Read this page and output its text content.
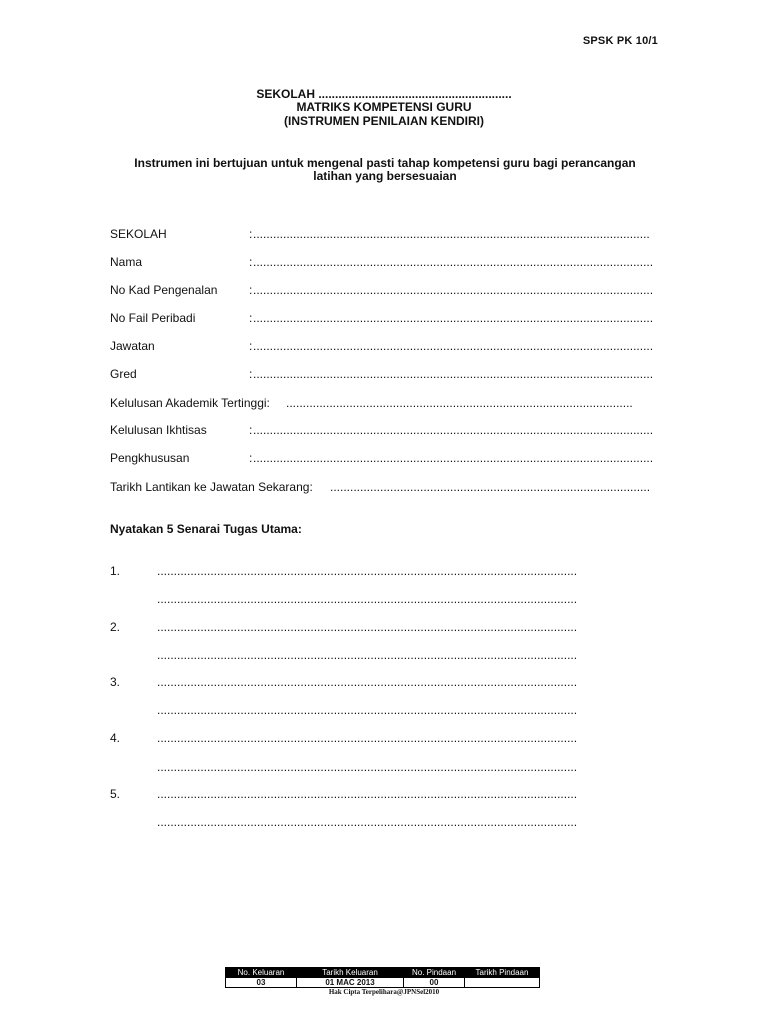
SPSK PK 10/1
SEKOLAH ..........................................................
MATRIKS KOMPETENSI GURU
(INSTRUMEN PENILAIAN KENDIRI)
Instrumen ini bertujuan untuk mengenal pasti tahap kompetensi guru bagi perancangan
latihan yang bersesuaian
SEKOLAH	: .......................................................................................................................
Nama	: ........................................................................................................................
No Kad Pengenalan	: ........................................................................................................................
No Fail Peribadi	: ........................................................................................................................
Jawatan	: ........................................................................................................................
Gred	: ........................................................................................................................
Kelulusan Akademik Tertinggi: ........................................................................................................
Kelulusan Ikhtisas	: ........................................................................................................................
Pengkhususan	: ........................................................................................................................
Tarikh Lantikan ke Jawatan Sekarang: ................................................................................................
Nyatakan 5 Senarai Tugas Utama:
1.	..............................................................................................................................
..............................................................................................................................
2.	..............................................................................................................................
..............................................................................................................................
3.	..............................................................................................................................
..............................................................................................................................
4.	..............................................................................................................................
..............................................................................................................................
5.	..............................................................................................................................
..............................................................................................................................
No. Keluaran	Tarikh Keluaran	No. Pindaan	Tarikh Pindaan
03	01 MAC 2013	00	
Hak Cipta Terpelihara@JPNSel2010
